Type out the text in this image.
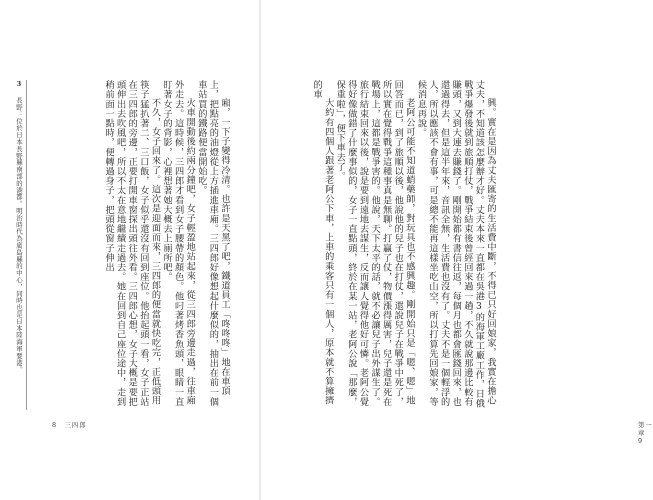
廂，一下子變得冷清。也許是天黑了吧，鐵道員工「咚咚咚」地在車頂上，把點亮的油燈從上方插進車廂。三四郎好像想起什麼似的，抽出在前一個車站買的鐵路便當開始吃。

火車開動後約兩分鐘吧，女子輕盈地站起來，從三四郎旁邊走過，往車廂外走去。這時候，三四郎才看到女子腰帶的顏色。他叼著烤香魚頭，眼睛一直盯著女子的背影，心裡想著她大概去上廁所吧。

不久，女子回來了。這次是迎面而來，三四郎的便當就快吃完，正低頭用筷子猛扒著二、三口飯，女子似乎還沒有回到座位。他抬起頭一看，女子正站在三四郎的旁邊，正要打開車窗探出頭往外看。三四郎心想，女子大概是要把頭伸出去吹風吧，所以不太在意地繼續走過去。她在回到自己座位途中，走到稍前面一點時，便轉過身子，把頭從窗子伸出

3 長野：位於日本長野縣南部的港都。明治時代為廣島縣的中心，同時也是日本陸海軍要港。
8　三四郎

興。實在是因為丈夫匯寄的生活費中斷，不得已只好回娘家，我實在擔心丈夫，不知道該怎麼辦才好。丈夫本來一直都在吳港3的海軍工廠工作，日俄戰爭爆發後就到旅順打仗，戰爭結束後曾經回來過一趟，不久就說那邊比較有賺頭，又到大連去賺錢了。剛開始都有書信往返，每個月也都會匯錢回來，也還過得去，但是這半年來，音訊全無，生活費也沒有了。丈夫不是一個輕浮的人，所以應該不會有事，可是總不能再這樣坐吃山空，所以打算先回娘家，等候消息再說。

老阿公可能不知道蛸藥師，對玩具也不感興趣。剛開始只是「嗯、嗯」地回答而已，到了旅順以後，他說他的兒子也在打仗，還說兒子在戰爭中死了，所以實在覺得戰爭這種事真是無聊。打贏了仗，物價漲得厲害，兒子還是死在戰場上，這都是戰爭害的。他說，天下太平的話，就不必讓兒子出外謀生了。旅行結束回來以後，說是要到遠地去謀生，反而讓人覺得他好可憐。老阿公覺得好像做錯了什麼事似的，女子一直點頭，終於在某一站，老阿公說「那麼，保重啦」，便下車去了。

大約有四個人跟著老阿公下車，上車的乘客只有一個人，原本就不算擁擠的車

第一章　9
